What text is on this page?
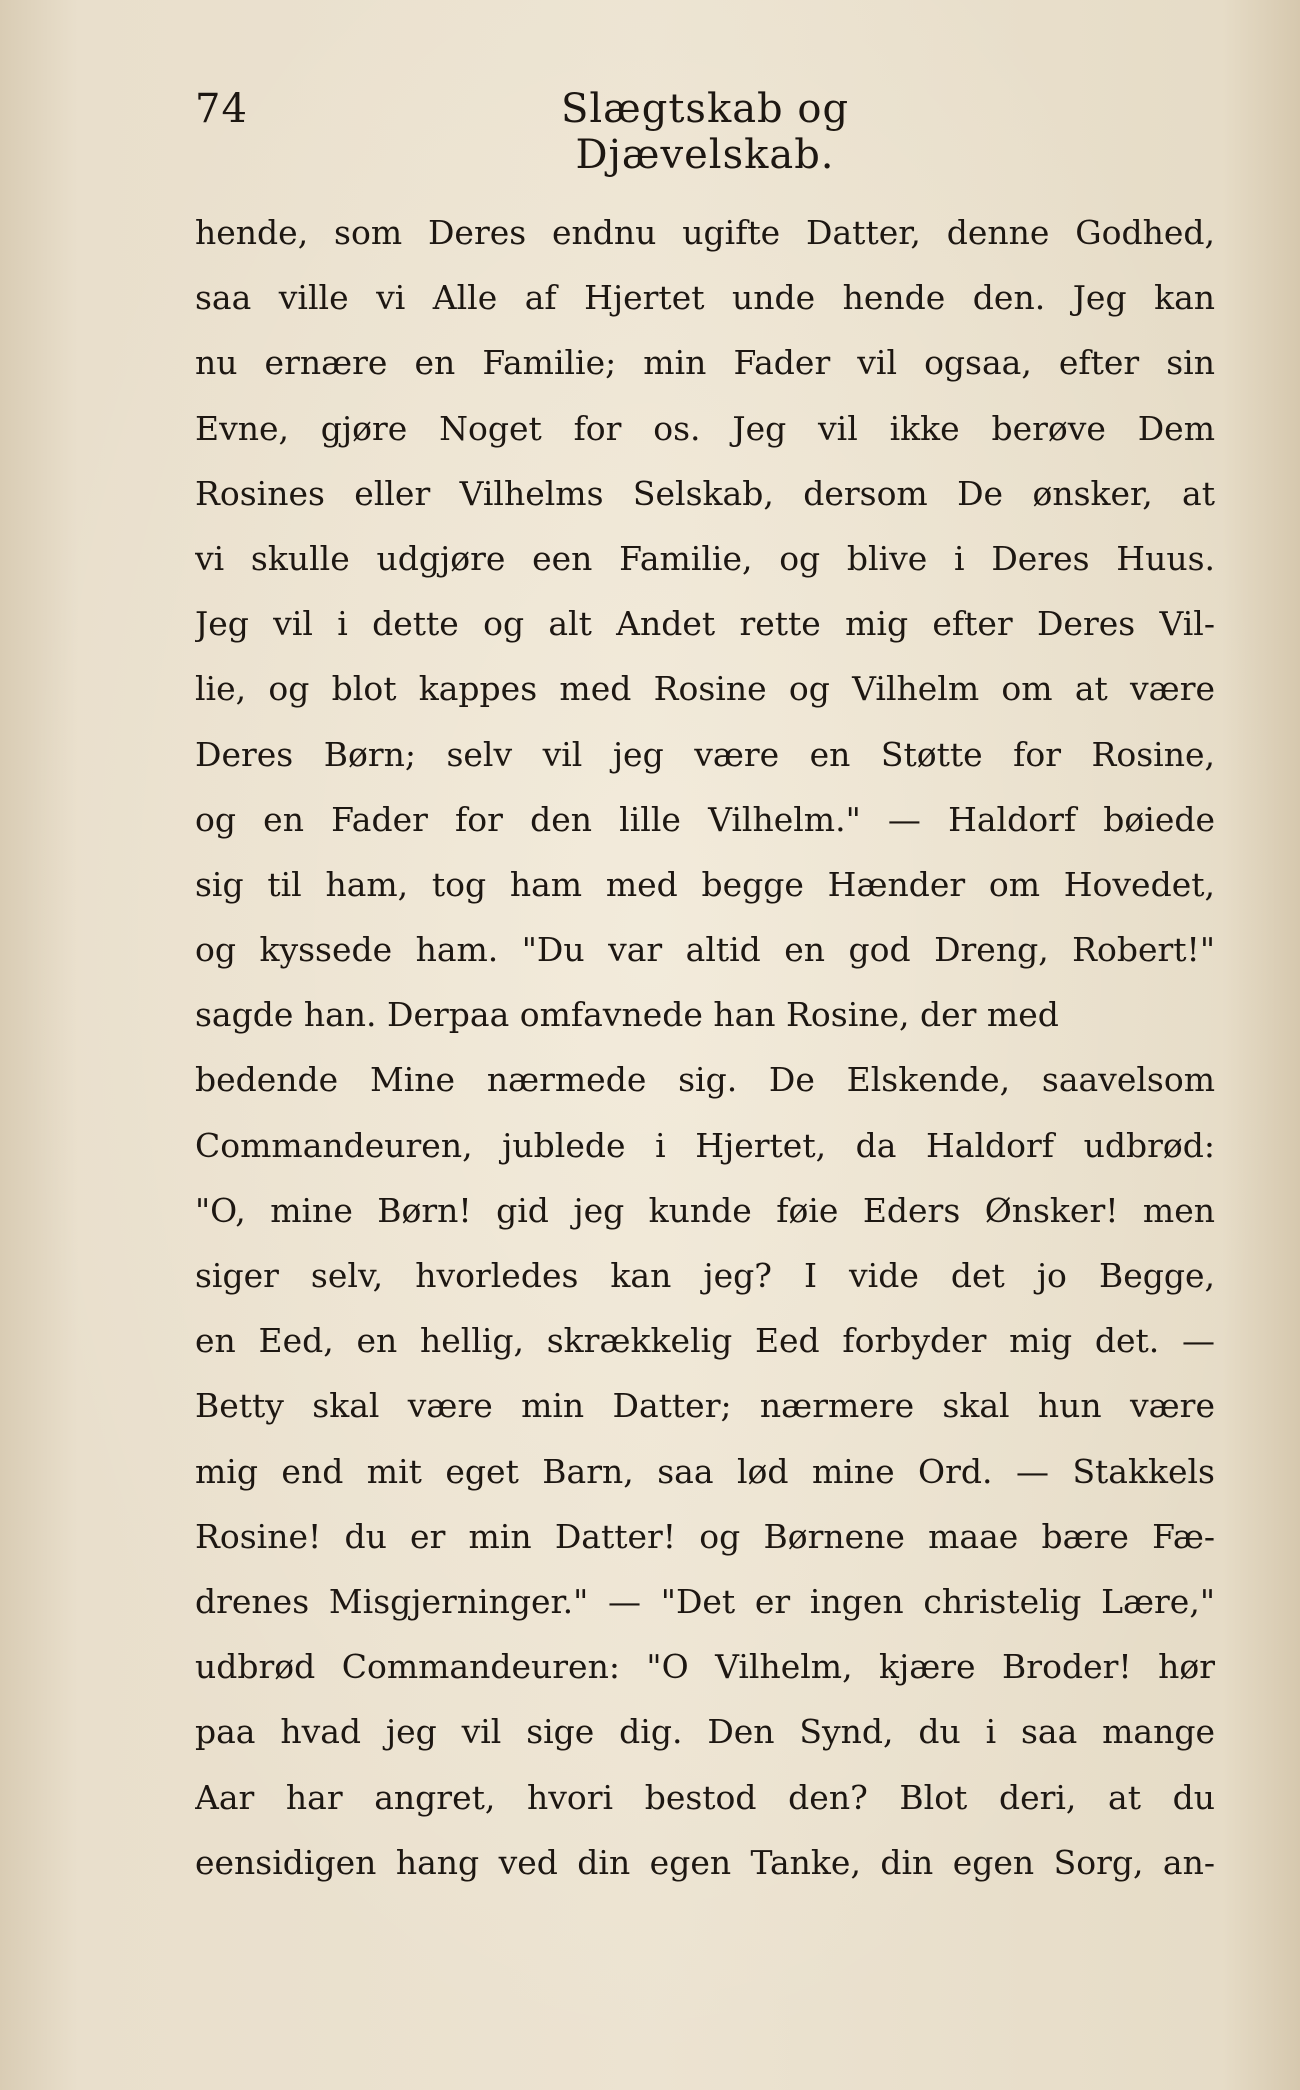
74	Slægtskab og Djævelskab.
hende, som Deres endnu ugifte Datter, denne Godhed,
saa ville vi Alle af Hjertet unde hende den. Jeg kan
nu ernære en Familie; min Fader vil ogsaa, efter sin
Evne, gjøre Noget for os. Jeg vil ikke berøve Dem
Rosines eller Vilhelms Selskab, dersom De ønsker, at
vi skulle udgjøre een Familie, og blive i Deres Huus.
Jeg vil i dette og alt Andet rette mig efter Deres Vil-
lie, og blot kappes med Rosine og Vilhelm om at være
Deres Børn; selv vil jeg være en Støtte for Rosine,
og en Fader for den lille Vilhelm." — Haldorf bøiede
sig til ham, tog ham med begge Hænder om Hovedet,
og kyssede ham. "Du var altid en god Dreng, Robert!"
sagde han. Derpaa omfavnede han Rosine, der med
bedende Mine nærmede sig. De Elskende, saavelsom
Commandeuren, jublede i Hjertet, da Haldorf udbrød:
"O, mine Børn! gid jeg kunde føie Eders Ønsker! men
siger selv, hvorledes kan jeg? I vide det jo Begge,
en Eed, en hellig, skrækkelig Eed forbyder mig det. —
Betty skal være min Datter; nærmere skal hun være
mig end mit eget Barn, saa lød mine Ord. — Stakkels
Rosine! du er min Datter! og Børnene maae bære Fæ-
drenes Misgjerninger." — "Det er ingen christelig Lære,"
udbrød Commandeuren: "O Vilhelm, kjære Broder! hør
paa hvad jeg vil sige dig. Den Synd, du i saa mange
Aar har angret, hvori bestod den? Blot deri, at du
eensidigen hang ved din egen Tanke, din egen Sorg, an-
